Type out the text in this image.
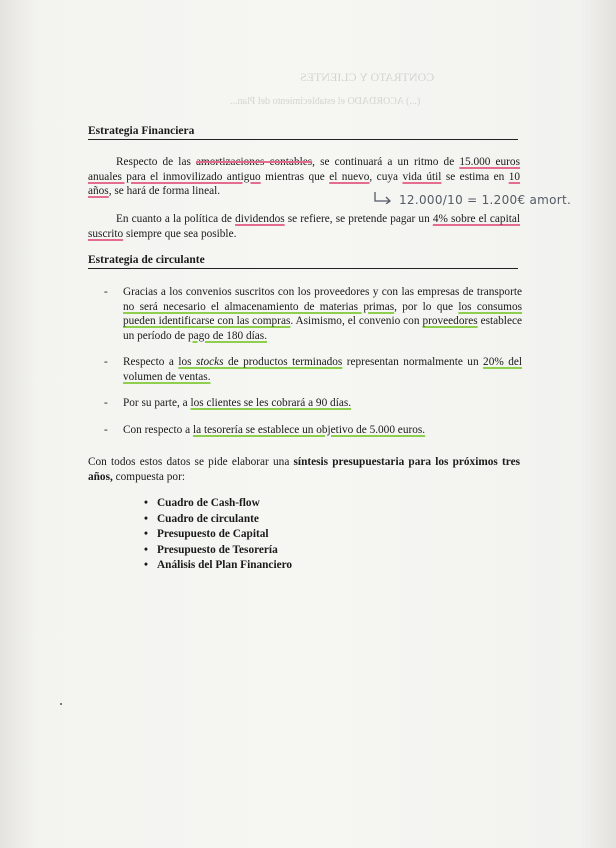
CONTRATO Y CLIENTES
(...) ACORDADO el establecimiento del Plan...
Estrategia Financiera
Respecto de las amortizaciones contables, se continuará a un ritmo de 15.000 euros anuales para el inmovilizado antiguo mientras que el nuevo, cuya vida útil se estima en 10 años, se hará de forma lineal.
12.000/10 = 1.200€ amort.
En cuanto a la política de dividendos se refiere, se pretende pagar un 4% sobre el capital suscrito siempre que sea posible.
Estrategia de circulante
- Gracias a los convenios suscritos con los proveedores y con las empresas de transporte no será necesario el almacenamiento de materias primas, por lo que los consumos pueden identificarse con las compras. Asimismo, el convenio con proveedores establece un período de pago de 180 días.
- Respecto a los stocks de productos terminados representan normalmente un 20% del volumen de ventas.
- Por su parte, a los clientes se les cobrará a 90 días.
- Con respecto a la tesorería se establece un objetivo de 5.000 euros.
Con todos estos datos se pide elaborar una síntesis presupuestaria para los próximos tres años, compuesta por:
• Cuadro de Cash-flow
• Cuadro de circulante
• Presupuesto de Capital
• Presupuesto de Tesorería
• Análisis del Plan Financiero
